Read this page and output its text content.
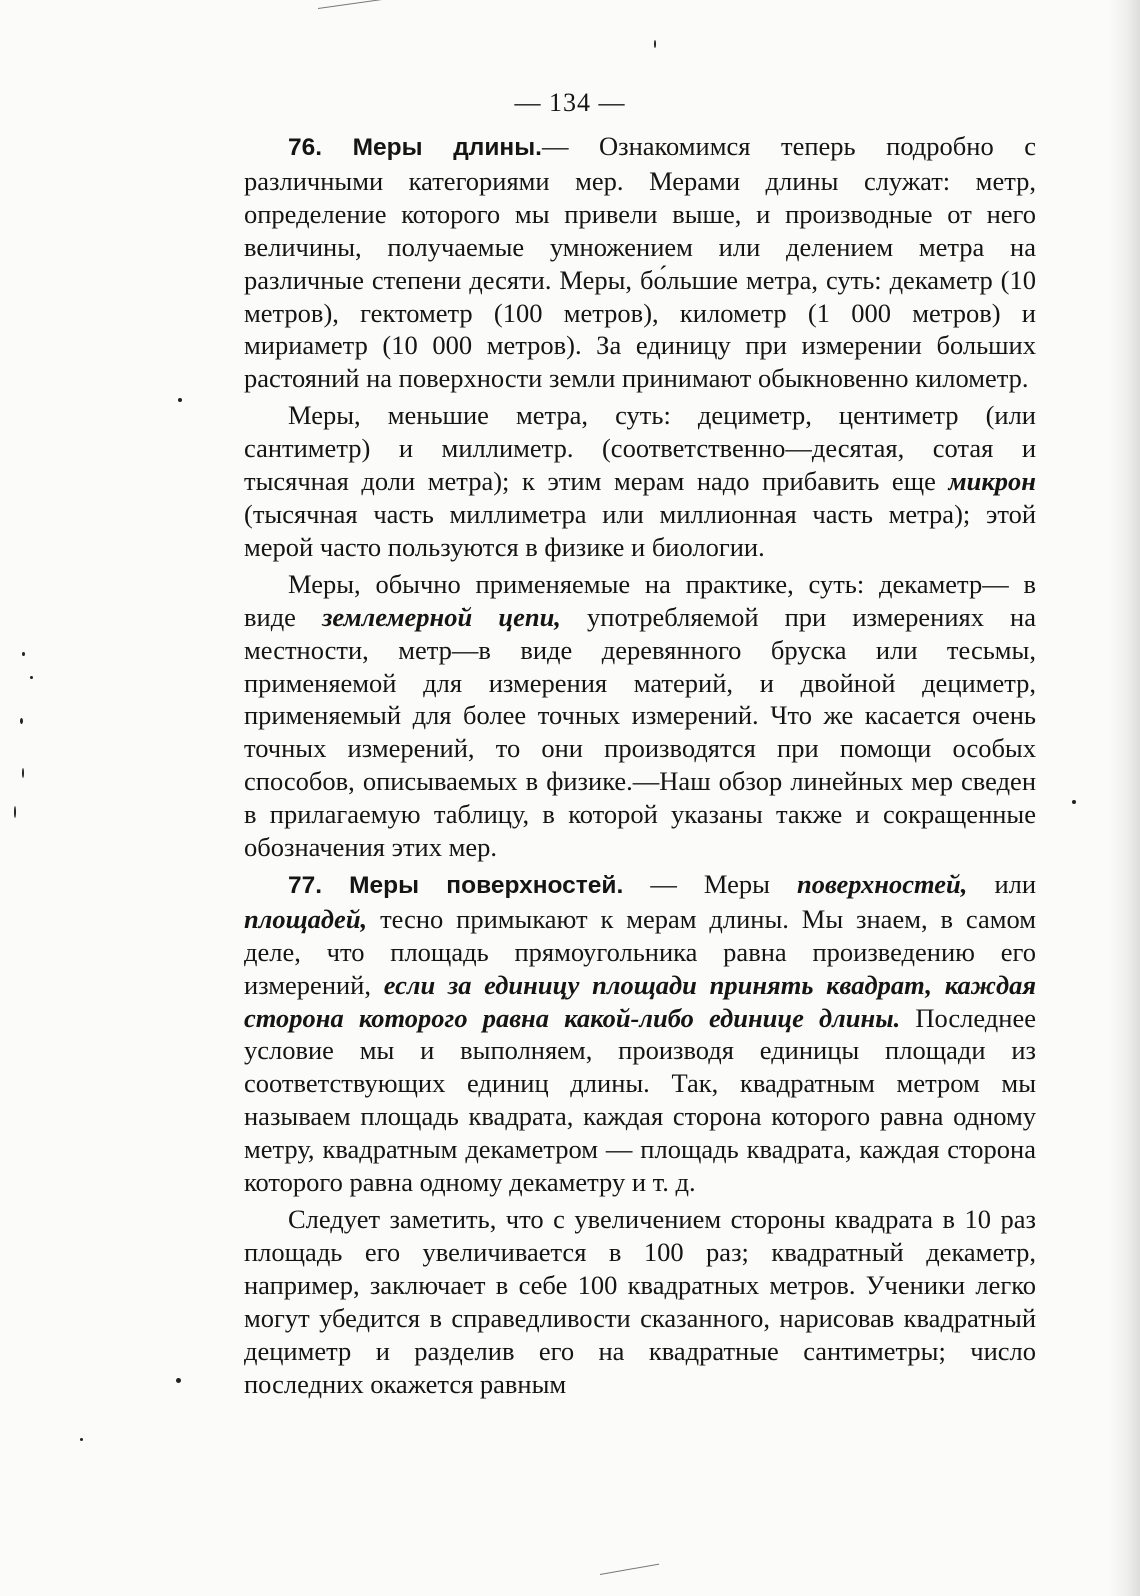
— 134 —

76. Меры длины.— Ознакомимся теперь подробно с различными категориями мер. Мерами длины служат: метр, определение которого мы привели выше, и производные от него величины, получаемые умножением или делением метра на различные степени десяти. Меры, бо́льшие метра, суть: декаметр (10 метров), гектометр (100 метров), километр (1 000 метров) и мириаметр (10 000 метров). За единицу при измерении больших растояний на поверхности земли принимают обыкновенно километр.

Меры, меньшие метра, суть: дециметр, центиметр (или сантиметр) и миллиметр. (соответственно—десятая, сотая и тысячная доли метра); к этим мерам надо прибавить еще микрон (тысячная часть миллиметра или миллионная часть метра); этой мерой часто пользуются в физике и биологии.

Меры, обычно применяемые на практике, суть: декаметр— в виде землемерной цепи, употребляемой при измерениях на местности, метр—в виде деревянного бруска или тесьмы, применяемой для измерения материй, и двойной дециметр, применяемый для более точных измерений. Что же касается очень точных измерений, то они производятся при помощи особых способов, описываемых в физике.—Наш обзор линейных мер сведен в прилагаемую таблицу, в которой указаны также и сокращенные обозначения этих мер.

77. Меры поверхностей. — Меры поверхностей, или площадей, тесно примыкают к мерам длины. Мы знаем, в самом деле, что площадь прямоугольника равна произведению его измерений, если за единицу площади принять квадрат, каждая сторона которого равна какой-либо единице длины. Последнее условие мы и выполняем, производя единицы площади из соответствующих единиц длины. Так, квадратным метром мы называем площадь квадрата, каждая сторона которого равна одному метру, квадратным декаметром — площадь квадрата, каждая сторона которого равна одному декаметру и т. д.

Следует заметить, что с увеличением стороны квадрата в 10 раз площадь его увеличивается в 100 раз; квадратный декаметр, например, заключает в себе 100 квадратных метров. Ученики легко могут убедится в справедливости сказанного, нарисовав квадратный дециметр и разделив его на квадратные сантиметры; число последних окажется равным
